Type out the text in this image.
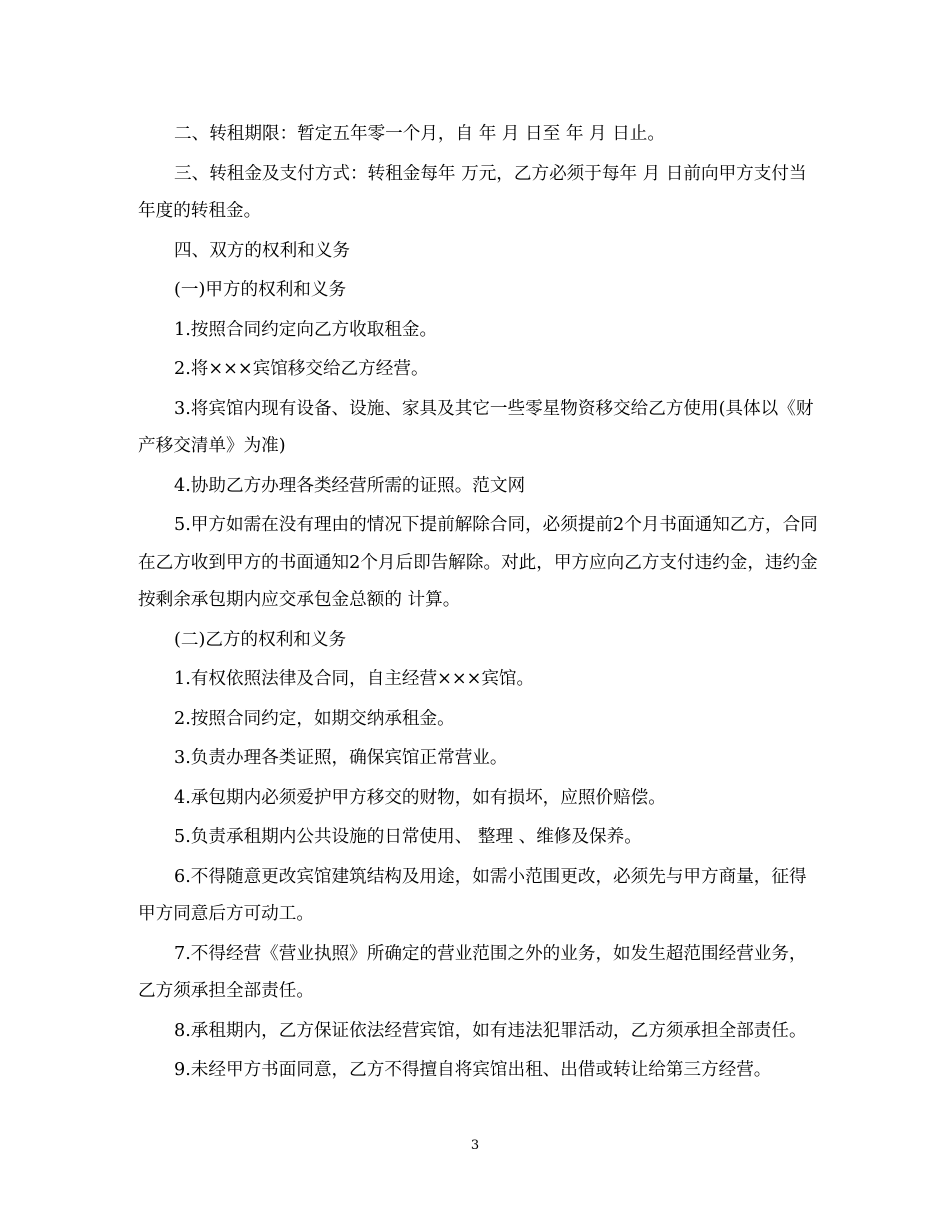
二、转租期限：暂定五年零一个月，自 年 月 日至 年 月 日止。

三、转租金及支付方式：转租金每年 万元，乙方必须于每年 月 日前向甲方支付当年度的转租金。

四、双方的权利和义务

(一)甲方的权利和义务

1.按照合同约定向乙方收取租金。

2.将×××宾馆移交给乙方经营。

3.将宾馆内现有设备、设施、家具及其它一些零星物资移交给乙方使用(具体以《财产移交清单》为准)

4.协助乙方办理各类经营所需的证照。范文网

5.甲方如需在没有理由的情况下提前解除合同，必须提前2个月书面通知乙方，合同在乙方收到甲方的书面通知2个月后即告解除。对此，甲方应向乙方支付违约金，违约金按剩余承包期内应交承包金总额的 计算。

(二)乙方的权利和义务

1.有权依照法律及合同，自主经营×××宾馆。

2.按照合同约定，如期交纳承租金。

3.负责办理各类证照，确保宾馆正常营业。

4.承包期内必须爱护甲方移交的财物，如有损坏，应照价赔偿。

5.负责承租期内公共设施的日常使用、 整理 、维修及保养。

6.不得随意更改宾馆建筑结构及用途，如需小范围更改，必须先与甲方商量，征得甲方同意后方可动工。

7.不得经营《营业执照》所确定的营业范围之外的业务，如发生超范围经营业务，乙方须承担全部责任。

8.承租期内，乙方保证依法经营宾馆，如有违法犯罪活动，乙方须承担全部责任。

9.未经甲方书面同意，乙方不得擅自将宾馆出租、出借或转让给第三方经营。

3
